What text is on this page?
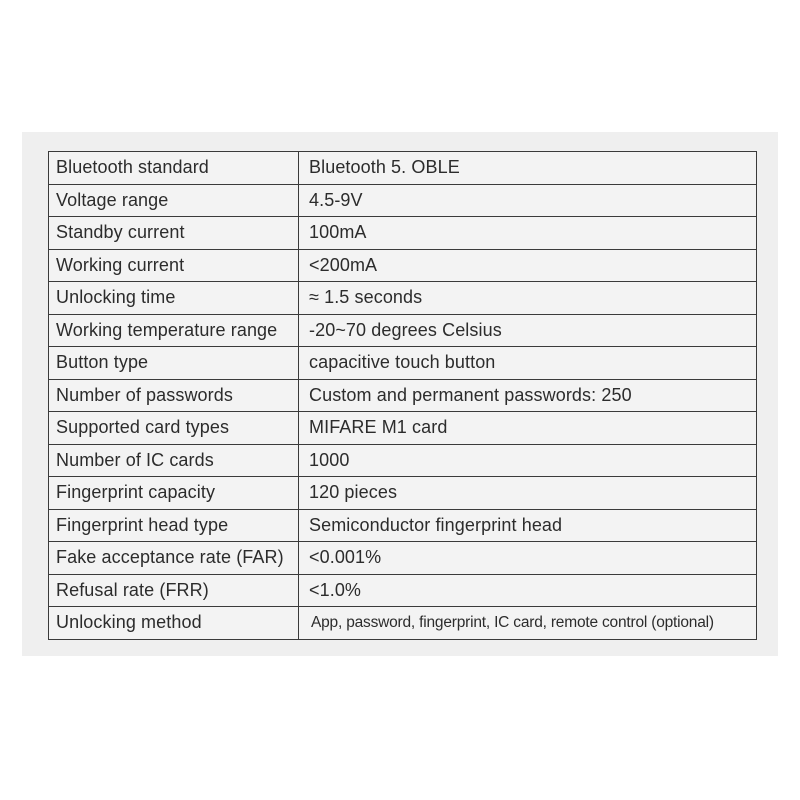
Bluetooth standard	Bluetooth 5. OBLE
Voltage range	4.5-9V
Standby current	100mA
Working current	<200mA
Unlocking time	≈ 1.5 seconds
Working temperature range	-20~70 degrees Celsius
Button type	capacitive touch button
Number of passwords	Custom and permanent passwords: 250
Supported card types	MIFARE M1 card
Number of IC cards	1000
Fingerprint capacity	120 pieces
Fingerprint head type	Semiconductor fingerprint head
Fake acceptance rate (FAR)	<0.001%
Refusal rate (FRR)	<1.0%
Unlocking method	App, password, fingerprint, IC card, remote control (optional)
